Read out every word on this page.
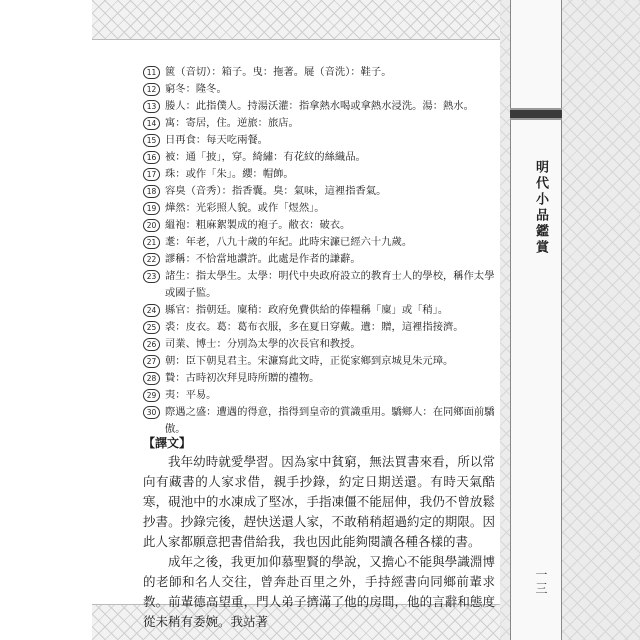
明代小品鑑賞
一三
11 篋（音切）：箱子。曳：拖著。屣（音洗）：鞋子。
12 窮冬：隆冬。
13 媵人：此指僕人。持湯沃灌：指拿熱水喝或拿熱水浸洗。湯：熱水。
14 寓：寄居，住。逆旅：旅店。
15 日再食：每天吃兩餐。
16 被：通「披」，穿。綺繡：有花紋的絲織品。
17 珠：或作「朱」。纓：帽飾。
18 容臭（音秀）：指香囊。臭：氣味，這裡指香氣。
19 燁然：光彩照人貌。或作「煜然」。
20 縕袍：粗麻絮製成的袍子。敝衣：破衣。
21 耄：年老，八九十歲的年紀。此時宋濂已經六十九歲。
22 謬稱：不恰當地讚許。此處是作者的謙辭。
23 諸生：指太學生。太學：明代中央政府設立的教育士人的學校，稱作太學或國子監。
24 縣官：指朝廷。廩稍：政府免費供給的俸糧稱「廩」或「稍」。
25 裘：皮衣。葛：葛布衣服，多在夏日穿戴。遺：贈，這裡指接濟。
26 司業、博士：分別為太學的次長官和教授。
27 朝：臣下朝見君主。宋濂寫此文時，正從家鄉到京城見朱元璋。
28 贄：古時初次拜見時所贈的禮物。
29 夷：平易。
30 際遇之盛：遭遇的得意，指得到皇帝的賞識重用。驕鄉人：在同鄉面前驕傲。
【譯文】

我年幼時就愛學習。因為家中貧窮，無法買書來看，所以常向有藏書的人家求借，親手抄錄，約定日期送還。有時天氣酷寒，硯池中的水凍成了堅冰，手指凍僵不能屈伸，我仍不曾放鬆抄書。抄錄完後，趕快送還人家，不敢稍稍超過約定的期限。因此人家都願意把書借給我，我也因此能夠閱讀各種各樣的書。

成年之後，我更加仰慕聖賢的學說，又擔心不能與學識淵博的老師和名人交往，曾奔赴百里之外，手持經書向同鄉前輩求教。前輩德高望重，門人弟子擠滿了他的房間，他的言辭和態度從未稍有委婉。我站著
